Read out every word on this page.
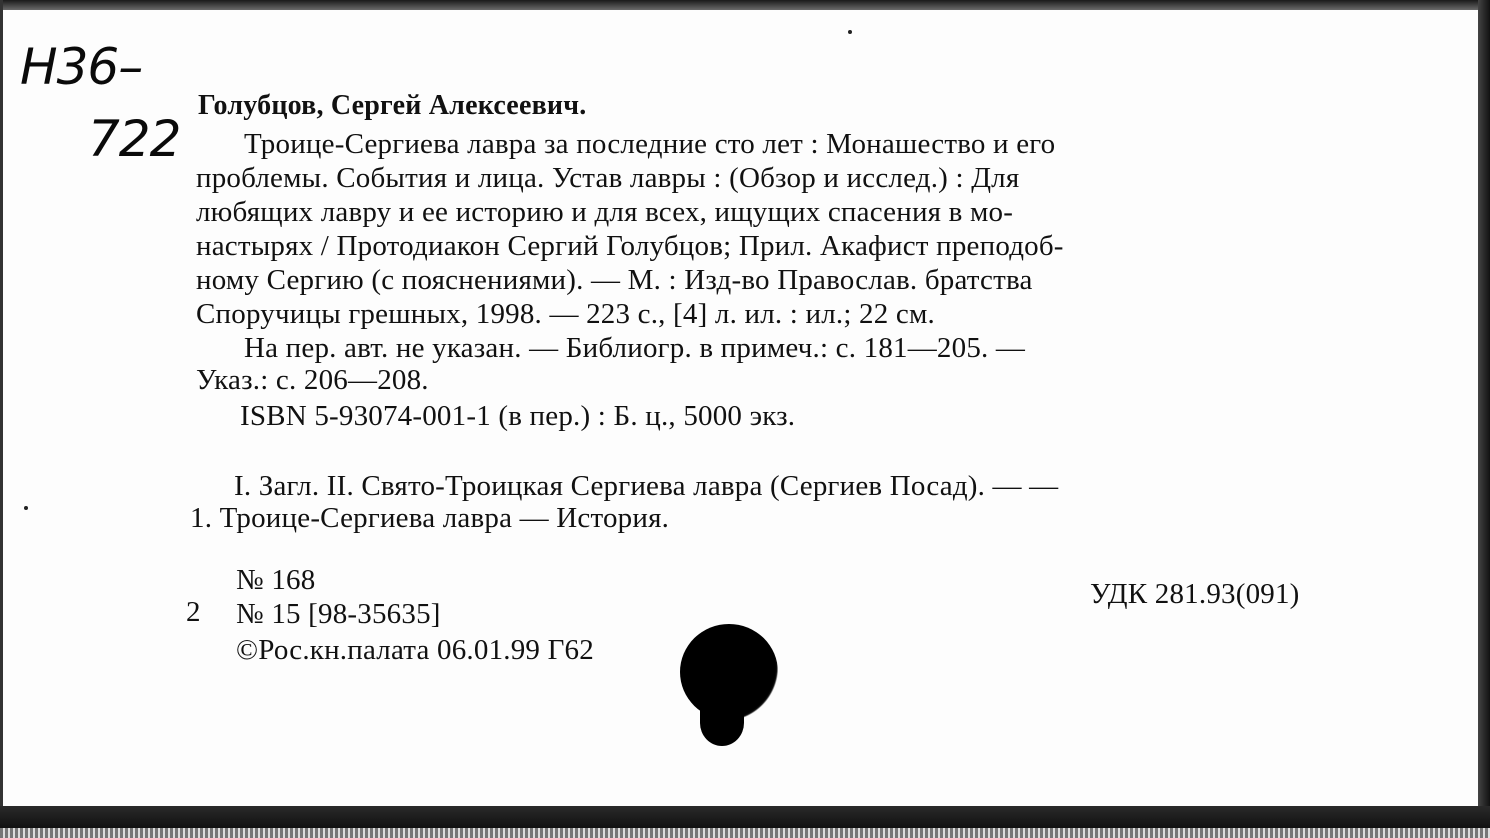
Н36–
722
Голубцов, Сергей Алексеевич.
Троице-Сергиева лавра за последние сто лет : Монашество и его
проблемы. События и лица. Устав лавры : (Обзор и исслед.) : Для
любящих лавру и ее историю и для всех, ищущих спасения в мо-
настырях / Протодиакон Сергий Голубцов; Прил. Акафист преподоб-
ному Сергию (с пояснениями). — М. : Изд-во Православ. братства
Споручицы грешных, 1998. — 223 с., [4] л. ил. : ил.; 22 см.
На пер. авт. не указан. — Библиогр. в примеч.: с. 181—205. —
Указ.: с. 206—208.
ISBN 5-93074-001-1 (в пер.) : Б. ц., 5000 экз.
I. Загл. II. Свято-Троицкая Сергиева лавра (Сергиев Посад). — —
1. Троице-Сергиева лавра — История.
№ 168
2 № 15 [98-35635]
©Рос.кн.палата 06.01.99 Г62
УДК 281.93(091)
